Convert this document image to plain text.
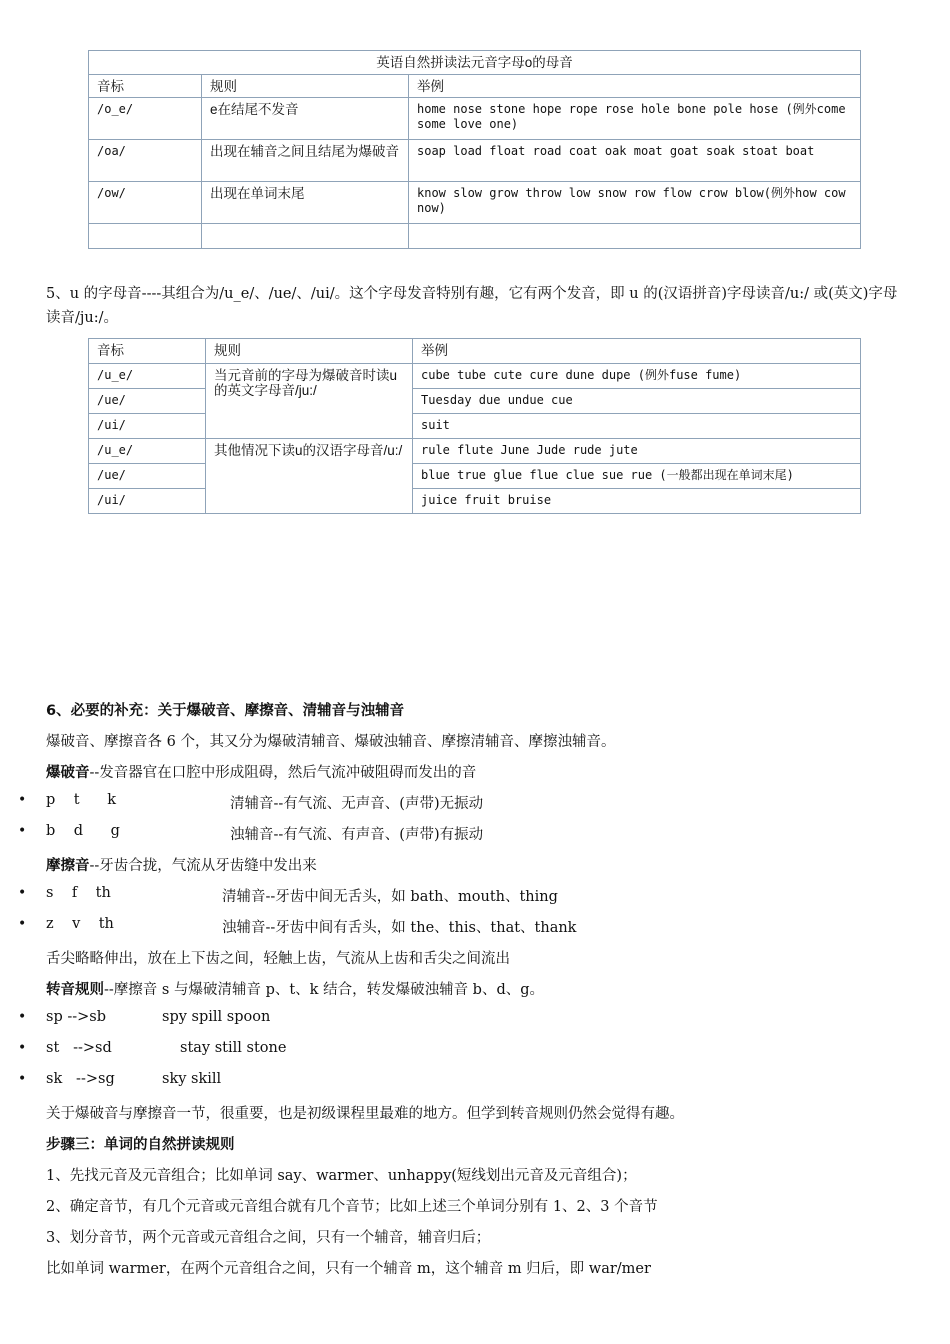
英语自然拼读法元音字母o的母音		
音标	规则	举例
/o_e/	e在结尾不发音	home nose stone hope rope rose hole bone pole hose (例外come some love one)
/oa/	出现在辅音之间且结尾为爆破音	soap load float road coat oak moat goat soak stoat boat
/ow/	出现在单词末尾	know slow grow throw low snow row flow crow blow(例外how cow now)

5、u 的字母音----其组合为/u_e/、/ue/、/ui/。这个字母发音特别有趣，它有两个发音，即 u 的(汉语拼音)字母读音/u:/ 或(英文)字母读音/ju:/。
音标	规则	举例
/u_e/	当元音前的字母为爆破音时读u的英文字母音/ju:/	cube tube cute cure dune dupe (例外fuse fume)
/ue/		Tuesday due undue cue
/ui/		suit
/u_e/	其他情况下读u的汉语字母音/u:/	rule flute June Jude rude jute
/ue/		blue true glue flue clue sue rue (一般都出现在单词末尾)
/ui/		juice fruit bruise
6、必要的补充：关于爆破音、摩擦音、清辅音与浊辅音
爆破音、摩擦音各 6 个，其又分为爆破清辅音、爆破浊辅音、摩擦清辅音、摩擦浊辅音。
爆破音--发音器官在口腔中形成阻碍，然后气流冲破阻碍而发出的音
• p    t      k	清辅音--有气流、无声音、(声带)无振动
• b    d      g	浊辅音--有气流、有声音、(声带)有振动
摩擦音--牙齿合拢，气流从牙齿缝中发出来
• s    f    th	清辅音--牙齿中间无舌头，如 bath、mouth、thing
• z    v    th	浊辅音--牙齿中间有舌头，如 the、this、that、thank
舌尖略略伸出，放在上下齿之间，轻触上齿，气流从上齿和舌尖之间流出
转音规则--摩擦音 s 与爆破清辅音 p、t、k 结合，转发爆破浊辅音 b、d、g。
• sp -->sb	spy spill spoon
• st   -->sd	stay still stone
• sk   -->sg	sky skill
关于爆破音与摩擦音一节，很重要，也是初级课程里最难的地方。但学到转音规则仍然会觉得有趣。
步骤三：单词的自然拼读规则
1、先找元音及元音组合；比如单词 say、warmer、unhappy(短线划出元音及元音组合)；
2、确定音节，有几个元音或元音组合就有几个音节；比如上述三个单词分别有 1、2、3 个音节
3、划分音节，两个元音或元音组合之间，只有一个辅音，辅音归后；
比如单词 warmer，在两个元音组合之间，只有一个辅音 m，这个辅音 m 归后，即 war/mer
